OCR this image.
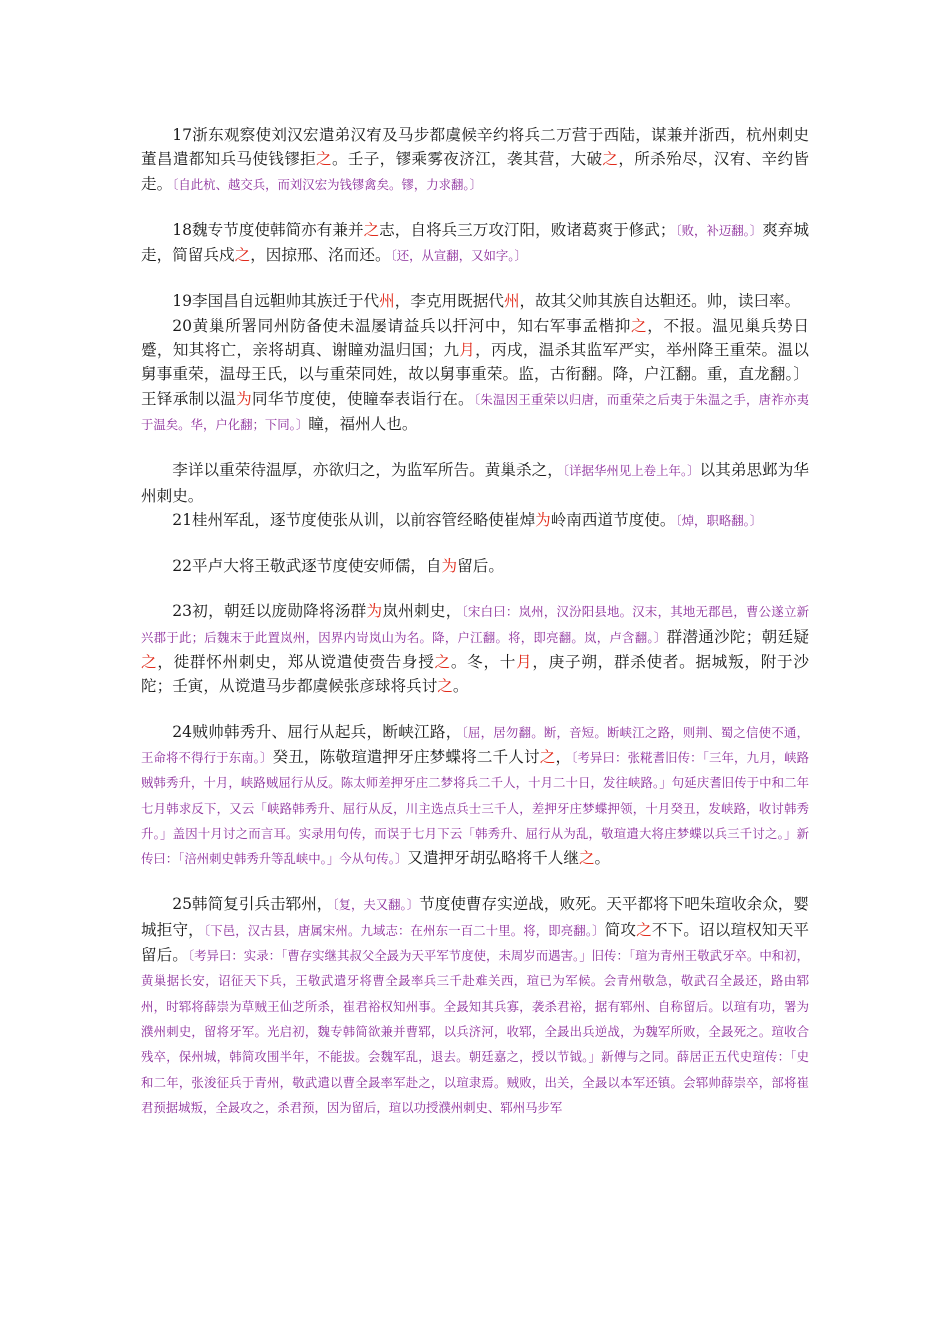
17浙东观察使刘汉宏遣弟汉宥及马步都虞候辛约将兵二万营于西陆，谋兼并浙西，杭州刺史董昌遣都知兵马使钱镠拒之。壬子，镠乘雾夜济江，袭其营，大破之，所杀殆尽，汉宥、辛约皆走。〔自此杭、越交兵，而刘汉宏为钱镠禽矣。镠，力求翻。〕

18魏专节度使韩简亦有兼并之志，自将兵三万攻汀阳，败诸葛爽于修武；〔败，补迈翻。〕爽弃城走，简留兵戍之，因掠邢、洺而还。〔还，从宣翻，又如字。〕

19李国昌自远靼帅其族迁于代州，李克用既据代州，故其父帅其族自达靼还。帅，读曰率。

20黄巢所署同州防备使未温屡请益兵以扞河中，知右军事孟楷抑之，不报。温见巢兵势日蹙，知其将亡，亲将胡真、谢瞳劝温归国；九月，丙戌，温杀其监军严实，举州降王重荣。温以舅事重荣，温母王氏，以与重荣同姓，故以舅事重荣。监，古衔翻。降，户江翻。重，直龙翻。〕王铎承制以温为同华节度使，使瞳奉表诣行在。〔朱温因王重荣以归唐，而重荣之后夷于朱温之手，唐祚亦夷于温矣。华，户化翻；下同。〕瞳，福州人也。

李详以重荣待温厚，亦欲归之，为监军所告。黄巢杀之，〔详据华州见上卷上年。〕以其弟思邺为华州刺史。

21桂州军乱，逐节度使张从训，以前容管经略使崔焯为岭南西道节度使。〔焯，职略翻。〕

22平卢大将王敬武逐节度使安师儒，自为留后。

23初，朝廷以庞勋降将汤群为岚州刺史，〔宋白曰：岚州，汉汾阳县地。汉末，其地无郡邑，曹公遂立新兴郡于此；后魏末于此置岚州，因界内岢岚山为名。降，户江翻。将，即亮翻。岚，卢含翻。〕群潜通沙陀；朝廷疑之，徙群怀州刺史，郑从谠遣使赍告身授之。冬，十月，庚子朔，群杀使者。据城叛，附于沙陀；壬寅，从谠遣马步都虞候张彦球将兵讨之。

24贼帅韩秀升、屈行从起兵，断峡江路，〔屈，居勿翻。断，音短。断峡江之路，则荆、蜀之信使不通，王命将不得行于东南。〕癸丑，陈敬瑄遣押牙庄梦蝶将二千人讨之，〔考异曰：张糀耆旧传：「三年，九月，峡路贼韩秀升，十月，峡路贼屈行从反。陈太师差押牙庄二梦将兵二千人，十月二十日，发往峡路。」句延庆耆旧传于中和二年七月韩求反下，又云「峡路韩秀升、屈行从反，川主选点兵士三千人，差押牙庄梦蝶押领，十月癸丑，发峡路，收讨韩秀升。」盖因十月讨之而言耳。实录用句传，而误于七月下云「韩秀升、屈行从为乱，敬瑄遣大将庄梦蝶以兵三千讨之。」新传曰：「涪州刺史韩秀升等乱峡中。」今从句传。〕又遣押牙胡弘略将千人继之。

25韩简复引兵击郓州，〔复，夫又翻。〕节度使曹存实逆战，败死。天平都将下吧朱瑄收余众，婴城拒守，〔下邑，汉古县，唐属宋州。九域志：在州东一百二十里。将，即亮翻。〕简攻之不下。诏以瑄权知天平留后。〔考异曰：实录：「曹存实继其叔父全晸为天平军节度使，未周岁而遇害。」旧传：「瑄为青州王敬武牙卒。中和初，黄巢据长安，诏征天下兵，王敬武遣牙将曹全晸率兵三千赴难关西，瑄已为军候。会青州敬急，敬武召全晸还，路由郓州，时郓将薛崇为草贼王仙芝所杀，崔君裕权知州事。全晸知其兵寡，袭杀君裕，据有郓州、自称留后。以瑄有功，署为濮州刺史，留将牙军。光启初，魏专韩简欲兼并曹郓，以兵济河，收郓，全晸出兵逆战，为魏军所败，全晸死之。瑄收合残卒，保州城，韩简攻围半年，不能拔。会魏军乱，退去。朝廷嘉之，授以节钺。」新傅与之同。薛居正五代史瑄传：「史和二年，张浚征兵于青州，敬武遣以曹全晸率军赴之，以瑄隶焉。贼败，出关，全晸以本军还镇。会郓帅薛崇卒，部将崔君预据城叛，全晸攻之，杀君预，因为留后，瑄以功授濮州刺史、郓州马步军
